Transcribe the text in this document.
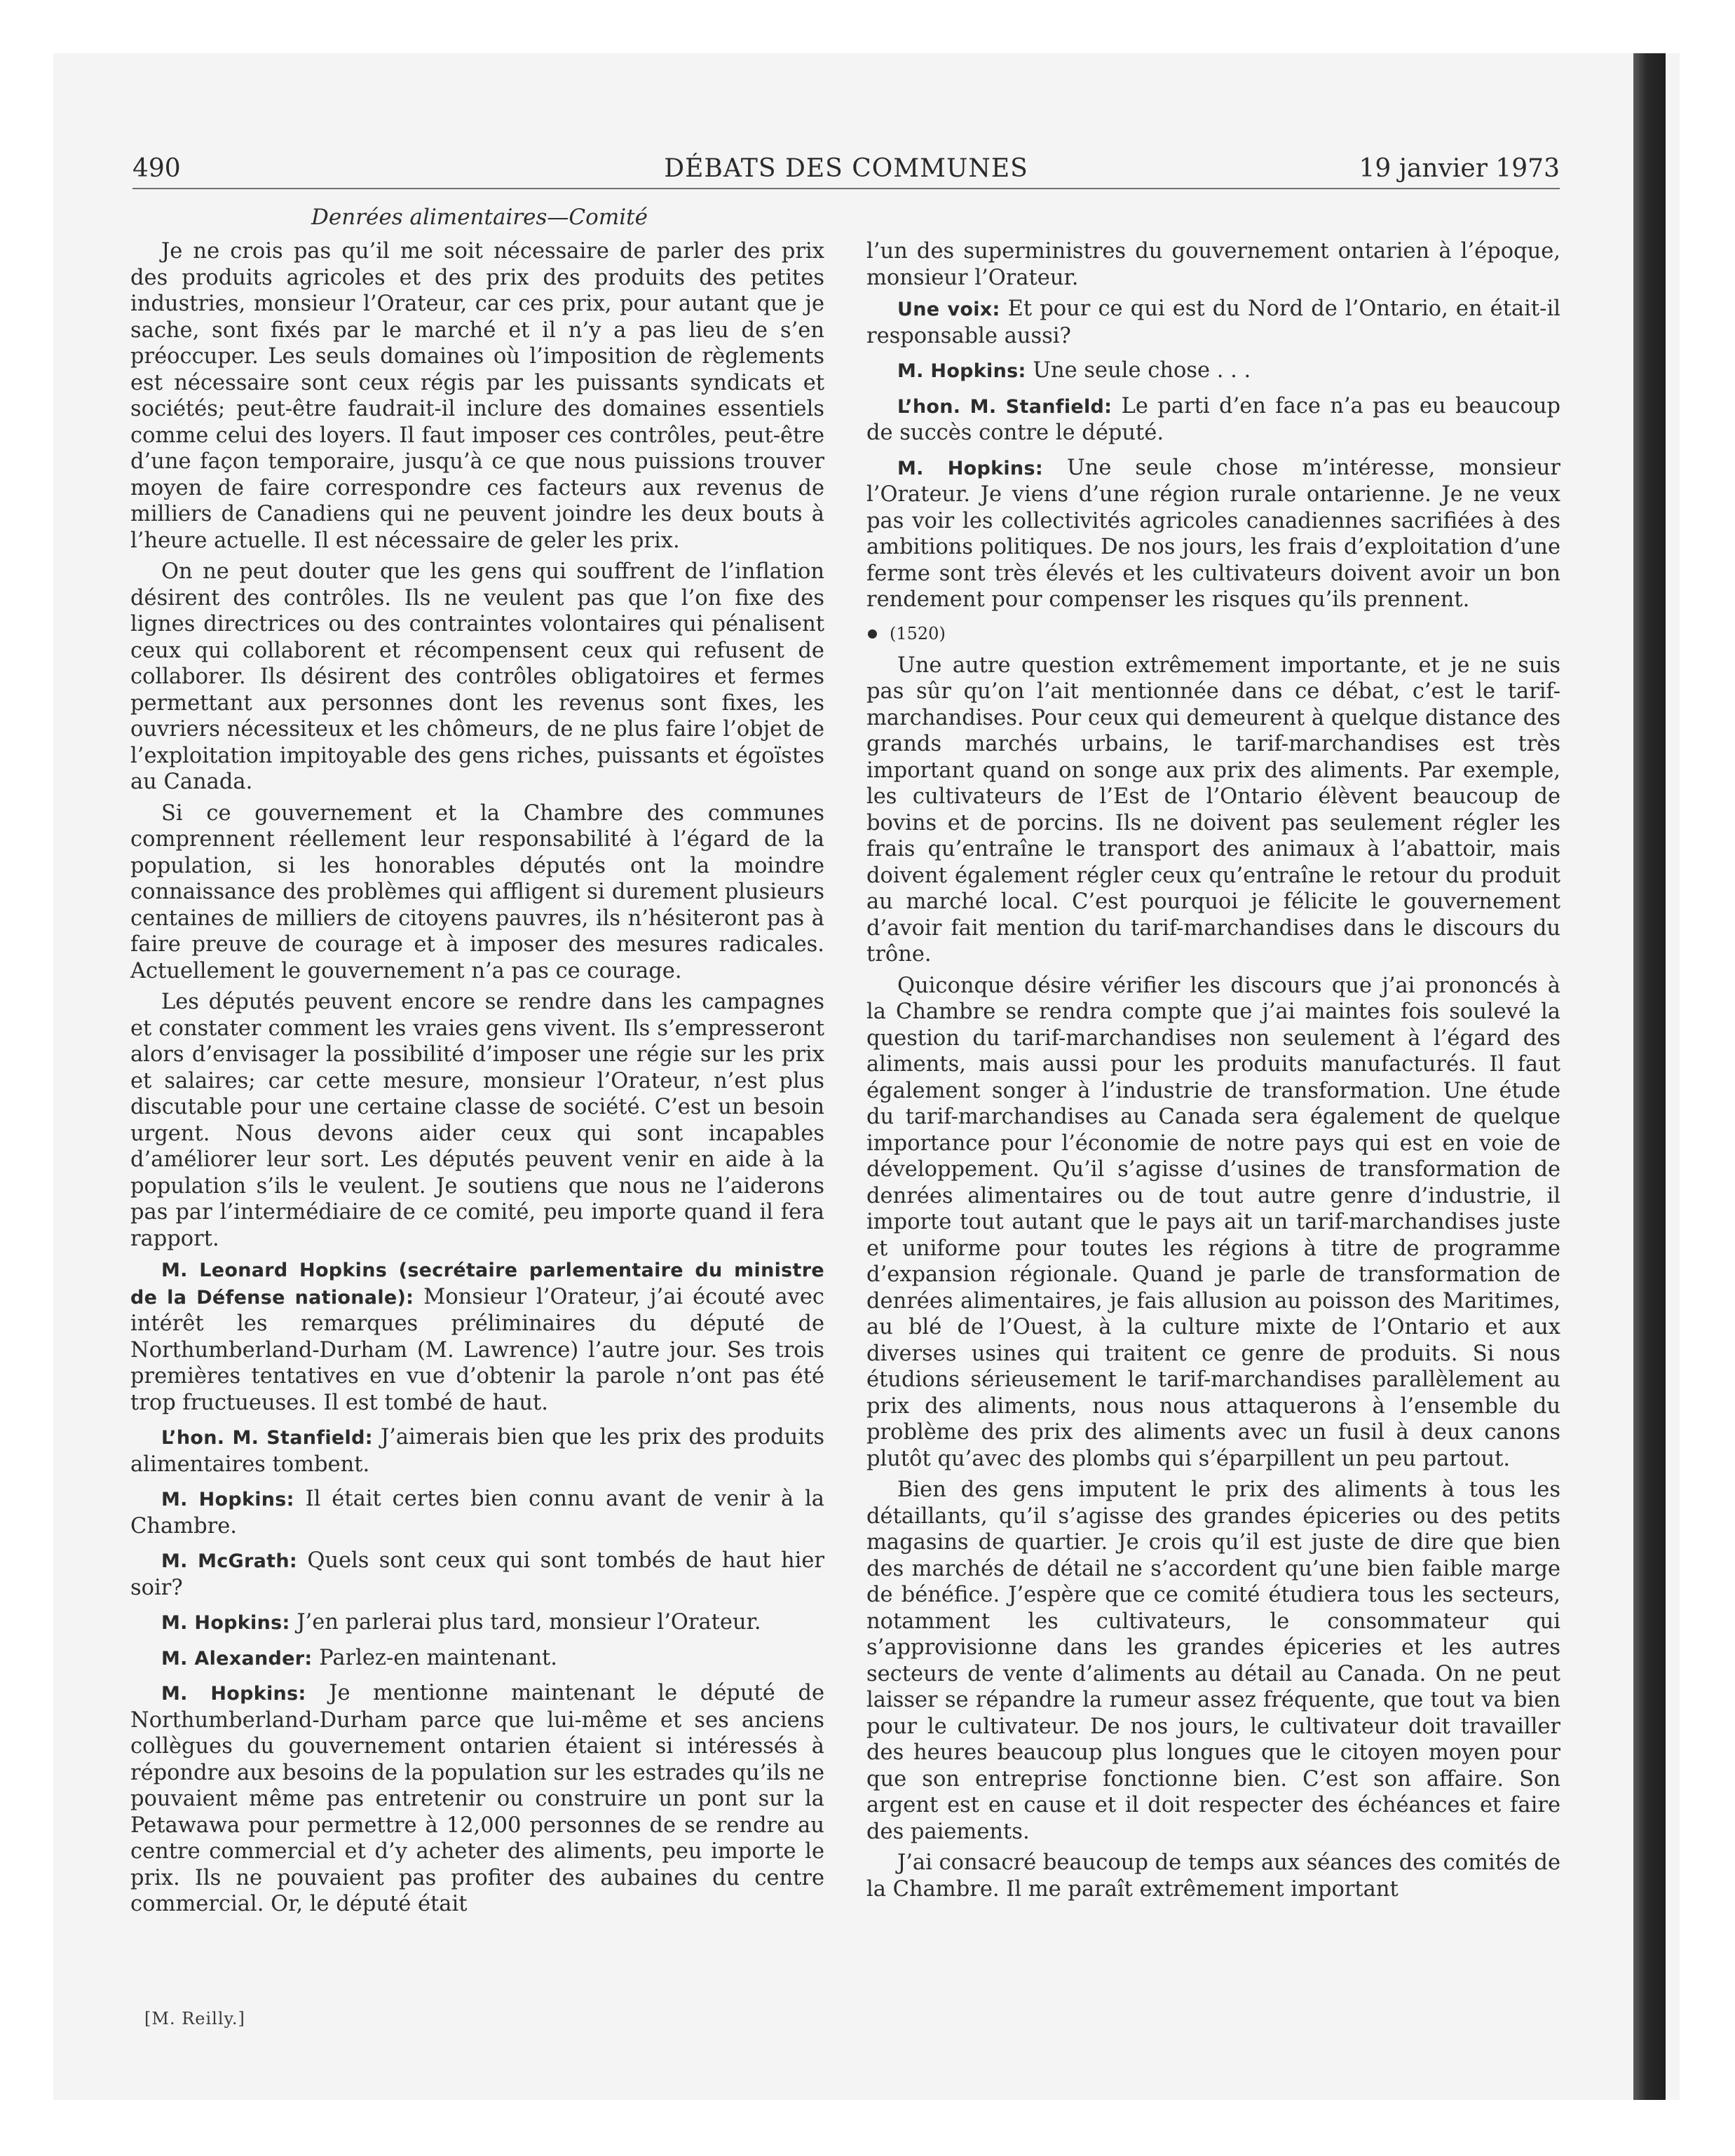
490	DÉBATS DES COMMUNES	19 janvier 1973
Denrées alimentaires—Comité

Je ne crois pas qu’il me soit nécessaire de parler des prix des produits agricoles et des prix des produits des petites industries, monsieur l’Orateur, car ces prix, pour autant que je sache, sont fixés par le marché et il n’y a pas lieu de s’en préoccuper. Les seuls domaines où l’imposition de règlements est nécessaire sont ceux régis par les puissants syndicats et sociétés; peut-être faudrait-il inclure des domaines essentiels comme celui des loyers. Il faut imposer ces contrôles, peut-être d’une façon temporaire, jusqu’à ce que nous puissions trouver moyen de faire correspondre ces facteurs aux revenus de milliers de Canadiens qui ne peuvent joindre les deux bouts à l’heure actuelle. Il est nécessaire de geler les prix.

On ne peut douter que les gens qui souffrent de l’inflation désirent des contrôles. Ils ne veulent pas que l’on fixe des lignes directrices ou des contraintes volontaires qui pénalisent ceux qui collaborent et récompensent ceux qui refusent de collaborer. Ils désirent des contrôles obligatoires et fermes permettant aux personnes dont les revenus sont fixes, les ouvriers nécessiteux et les chômeurs, de ne plus faire l’objet de l’exploitation impitoyable des gens riches, puissants et égoïstes au Canada.

Si ce gouvernement et la Chambre des communes comprennent réellement leur responsabilité à l’égard de la population, si les honorables députés ont la moindre connaissance des problèmes qui affligent si durement plusieurs centaines de milliers de citoyens pauvres, ils n’hésiteront pas à faire preuve de courage et à imposer des mesures radicales. Actuellement le gouvernement n’a pas ce courage.

Les députés peuvent encore se rendre dans les campagnes et constater comment les vraies gens vivent. Ils s’empresseront alors d’envisager la possibilité d’imposer une régie sur les prix et salaires; car cette mesure, monsieur l’Orateur, n’est plus discutable pour une certaine classe de société. C’est un besoin urgent. Nous devons aider ceux qui sont incapables d’améliorer leur sort. Les députés peuvent venir en aide à la population s’ils le veulent. Je soutiens que nous ne l’aiderons pas par l’intermédiaire de ce comité, peu importe quand il fera rapport.

M. Leonard Hopkins (secrétaire parlementaire du ministre de la Défense nationale): Monsieur l’Orateur, j’ai écouté avec intérêt les remarques préliminaires du député de Northumberland-Durham (M. Lawrence) l’autre jour. Ses trois premières tentatives en vue d’obtenir la parole n’ont pas été trop fructueuses. Il est tombé de haut.

L’hon. M. Stanfield: J’aimerais bien que les prix des produits alimentaires tombent.

M. Hopkins: Il était certes bien connu avant de venir à la Chambre.

M. McGrath: Quels sont ceux qui sont tombés de haut hier soir?

M. Hopkins: J’en parlerai plus tard, monsieur l’Orateur.

M. Alexander: Parlez-en maintenant.

M. Hopkins: Je mentionne maintenant le député de Northumberland-Durham parce que lui-même et ses anciens collègues du gouvernement ontarien étaient si intéressés à répondre aux besoins de la population sur les estrades qu’ils ne pouvaient même pas entretenir ou construire un pont sur la Petawawa pour permettre à 12,000 personnes de se rendre au centre commercial et d’y acheter des aliments, peu importe le prix. Ils ne pouvaient pas profiter des aubaines du centre commercial. Or, le député était

l’un des superministres du gouvernement ontarien à l’époque, monsieur l’Orateur.

Une voix: Et pour ce qui est du Nord de l’Ontario, en était-il responsable aussi?

M. Hopkins: Une seule chose . . .

L’hon. M. Stanfield: Le parti d’en face n’a pas eu beaucoup de succès contre le député.

M. Hopkins: Une seule chose m’intéresse, monsieur l’Orateur. Je viens d’une région rurale ontarienne. Je ne veux pas voir les collectivités agricoles canadiennes sacrifiées à des ambitions politiques. De nos jours, les frais d’exploitation d’une ferme sont très élevés et les cultivateurs doivent avoir un bon rendement pour compenser les risques qu’ils prennent.

(1520)

Une autre question extrêmement importante, et je ne suis pas sûr qu’on l’ait mentionnée dans ce débat, c’est le tarif-marchandises. Pour ceux qui demeurent à quelque distance des grands marchés urbains, le tarif-marchandises est très important quand on songe aux prix des aliments. Par exemple, les cultivateurs de l’Est de l’Ontario élèvent beaucoup de bovins et de porcins. Ils ne doivent pas seulement régler les frais qu’entraîne le transport des animaux à l’abattoir, mais doivent également régler ceux qu’entraîne le retour du produit au marché local. C’est pourquoi je félicite le gouvernement d’avoir fait mention du tarif-marchandises dans le discours du trône.

Quiconque désire vérifier les discours que j’ai prononcés à la Chambre se rendra compte que j’ai maintes fois soulevé la question du tarif-marchandises non seulement à l’égard des aliments, mais aussi pour les produits manufacturés. Il faut également songer à l’industrie de transformation. Une étude du tarif-marchandises au Canada sera également de quelque importance pour l’économie de notre pays qui est en voie de développement. Qu’il s’agisse d’usines de transformation de denrées alimentaires ou de tout autre genre d’industrie, il importe tout autant que le pays ait un tarif-marchandises juste et uniforme pour toutes les régions à titre de programme d’expansion régionale. Quand je parle de transformation de denrées alimentaires, je fais allusion au poisson des Maritimes, au blé de l’Ouest, à la culture mixte de l’Ontario et aux diverses usines qui traitent ce genre de produits. Si nous étudions sérieusement le tarif-marchandises parallèlement au prix des aliments, nous nous attaquerons à l’ensemble du problème des prix des aliments avec un fusil à deux canons plutôt qu’avec des plombs qui s’éparpillent un peu partout.

Bien des gens imputent le prix des aliments à tous les détaillants, qu’il s’agisse des grandes épiceries ou des petits magasins de quartier. Je crois qu’il est juste de dire que bien des marchés de détail ne s’accordent qu’une bien faible marge de bénéfice. J’espère que ce comité étudiera tous les secteurs, notamment les cultivateurs, le consommateur qui s’approvisionne dans les grandes épiceries et les autres secteurs de vente d’aliments au détail au Canada. On ne peut laisser se répandre la rumeur assez fréquente, que tout va bien pour le cultivateur. De nos jours, le cultivateur doit travailler des heures beaucoup plus longues que le citoyen moyen pour que son entreprise fonctionne bien. C’est son affaire. Son argent est en cause et il doit respecter des échéances et faire des paiements.

J’ai consacré beaucoup de temps aux séances des comités de la Chambre. Il me paraît extrêmement important

[M. Reilly.]
